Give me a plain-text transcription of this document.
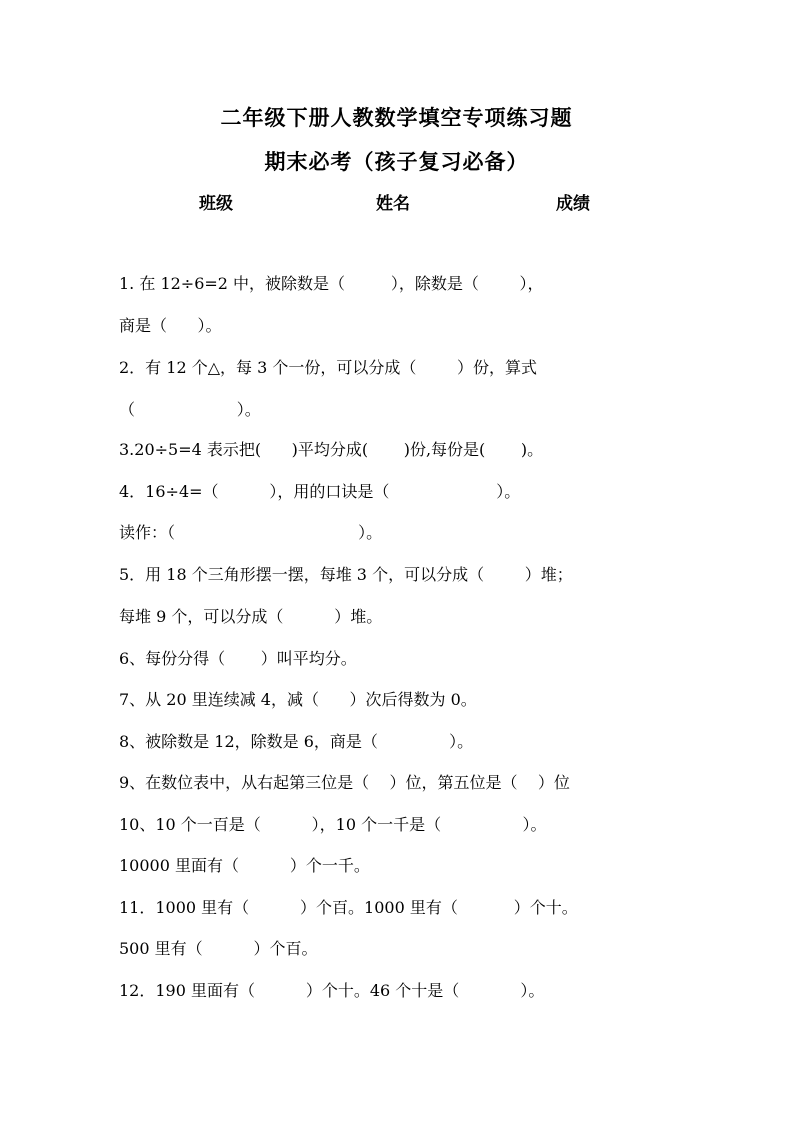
二年级下册人教数学填空专项练习题
期末必考（孩子复习必备）
班级	姓名	成绩
1. 在 12÷6=2 中，被除数是（         ），除数是（        ），
商是（      ）。
2．有 12 个△，每 3 个一份，可以分成（        ）份，算式
（                    ）。
3.20÷5=4 表示把(      )平均分成(       )份,每份是(       )。
4．16÷4=（          ），用的口诀是（                     ）。
读作：（                                    ）。
5．用 18 个三角形摆一摆，每堆 3 个，可以分成（        ）堆；
每堆 9 个，可以分成（          ）堆。
6、每份分得（       ）叫平均分。
7、从 20 里连续减 4，减（      ）次后得数为 0。
8、被除数是 12，除数是 6，商是（              ）。
9、在数位表中，从右起第三位是（    ）位，第五位是（    ）位
10、10 个一百是（          ），10 个一千是（                ）。
10000 里面有（          ）个一千。
11．1000 里有（          ）个百。1000 里有（           ）个十。
500 里有（          ）个百。
12．190 里面有（          ）个十。46 个十是（            ）。
